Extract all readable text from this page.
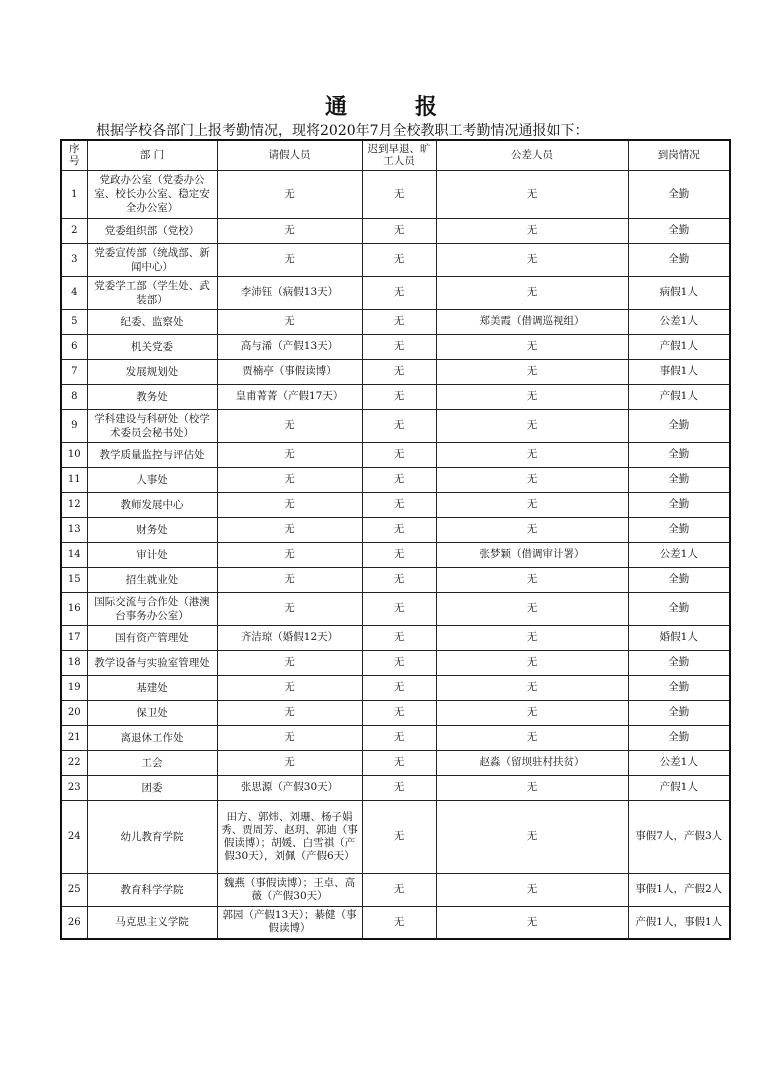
通	报
根据学校各部门上报考勤情况，现将2020年7月全校教职工考勤情况通报如下：
序号	部 门	请假人员	迟到早退、旷工人员	公差人员	到岗情况
1	党政办公室（党委办公室、校长办公室、稳定安全办公室）	无	无	无	全勤
2	党委组织部（党校）	无	无	无	全勤
3	党委宣传部（统战部、新闻中心）	无	无	无	全勤
4	党委学工部（学生处、武装部）	李沛钰（病假13天）	无	无	病假1人
5	纪委、监察处	无	无	郑美霞（借调巡视组）	公差1人
6	机关党委	高与浠（产假13天）	无	无	产假1人
7	发展规划处	贾楠亭（事假读博）	无	无	事假1人
8	教务处	皇甫菁菁（产假17天）	无	无	产假1人
9	学科建设与科研处（校学术委员会秘书处）	无	无	无	全勤
10	教学质量监控与评估处	无	无	无	全勤
11	人事处	无	无	无	全勤
12	教师发展中心	无	无	无	全勤
13	财务处	无	无	无	全勤
14	审计处	无	无	张梦颖（借调审计署）	公差1人
15	招生就业处	无	无	无	全勤
16	国际交流与合作处（港澳台事务办公室）	无	无	无	全勤
17	国有资产管理处	齐洁琼（婚假12天）	无	无	婚假1人
18	教学设备与实验室管理处	无	无	无	全勤
19	基建处	无	无	无	全勤
20	保卫处	无	无	无	全勤
21	离退休工作处	无	无	无	全勤
22	工会	无	无	赵淼（留坝驻村扶贫）	公差1人
23	团委	张思源（产假30天）	无	无	产假1人
24	幼儿教育学院	田方、郭炜、刘珊、杨子娟秀、贾周芳、赵玥、郭迪（事假读博）；胡媛、白雪祺（产假30天），刘佩（产假6天）	无	无	事假7人，产假3人
25	教育科学学院	魏燕（事假读博）；王卓、高薇（产假30天）	无	无	事假1人，产假2人
26	马克思主义学院	郭园（产假13天）；綦健（事假读博）	无	无	产假1人，事假1人
